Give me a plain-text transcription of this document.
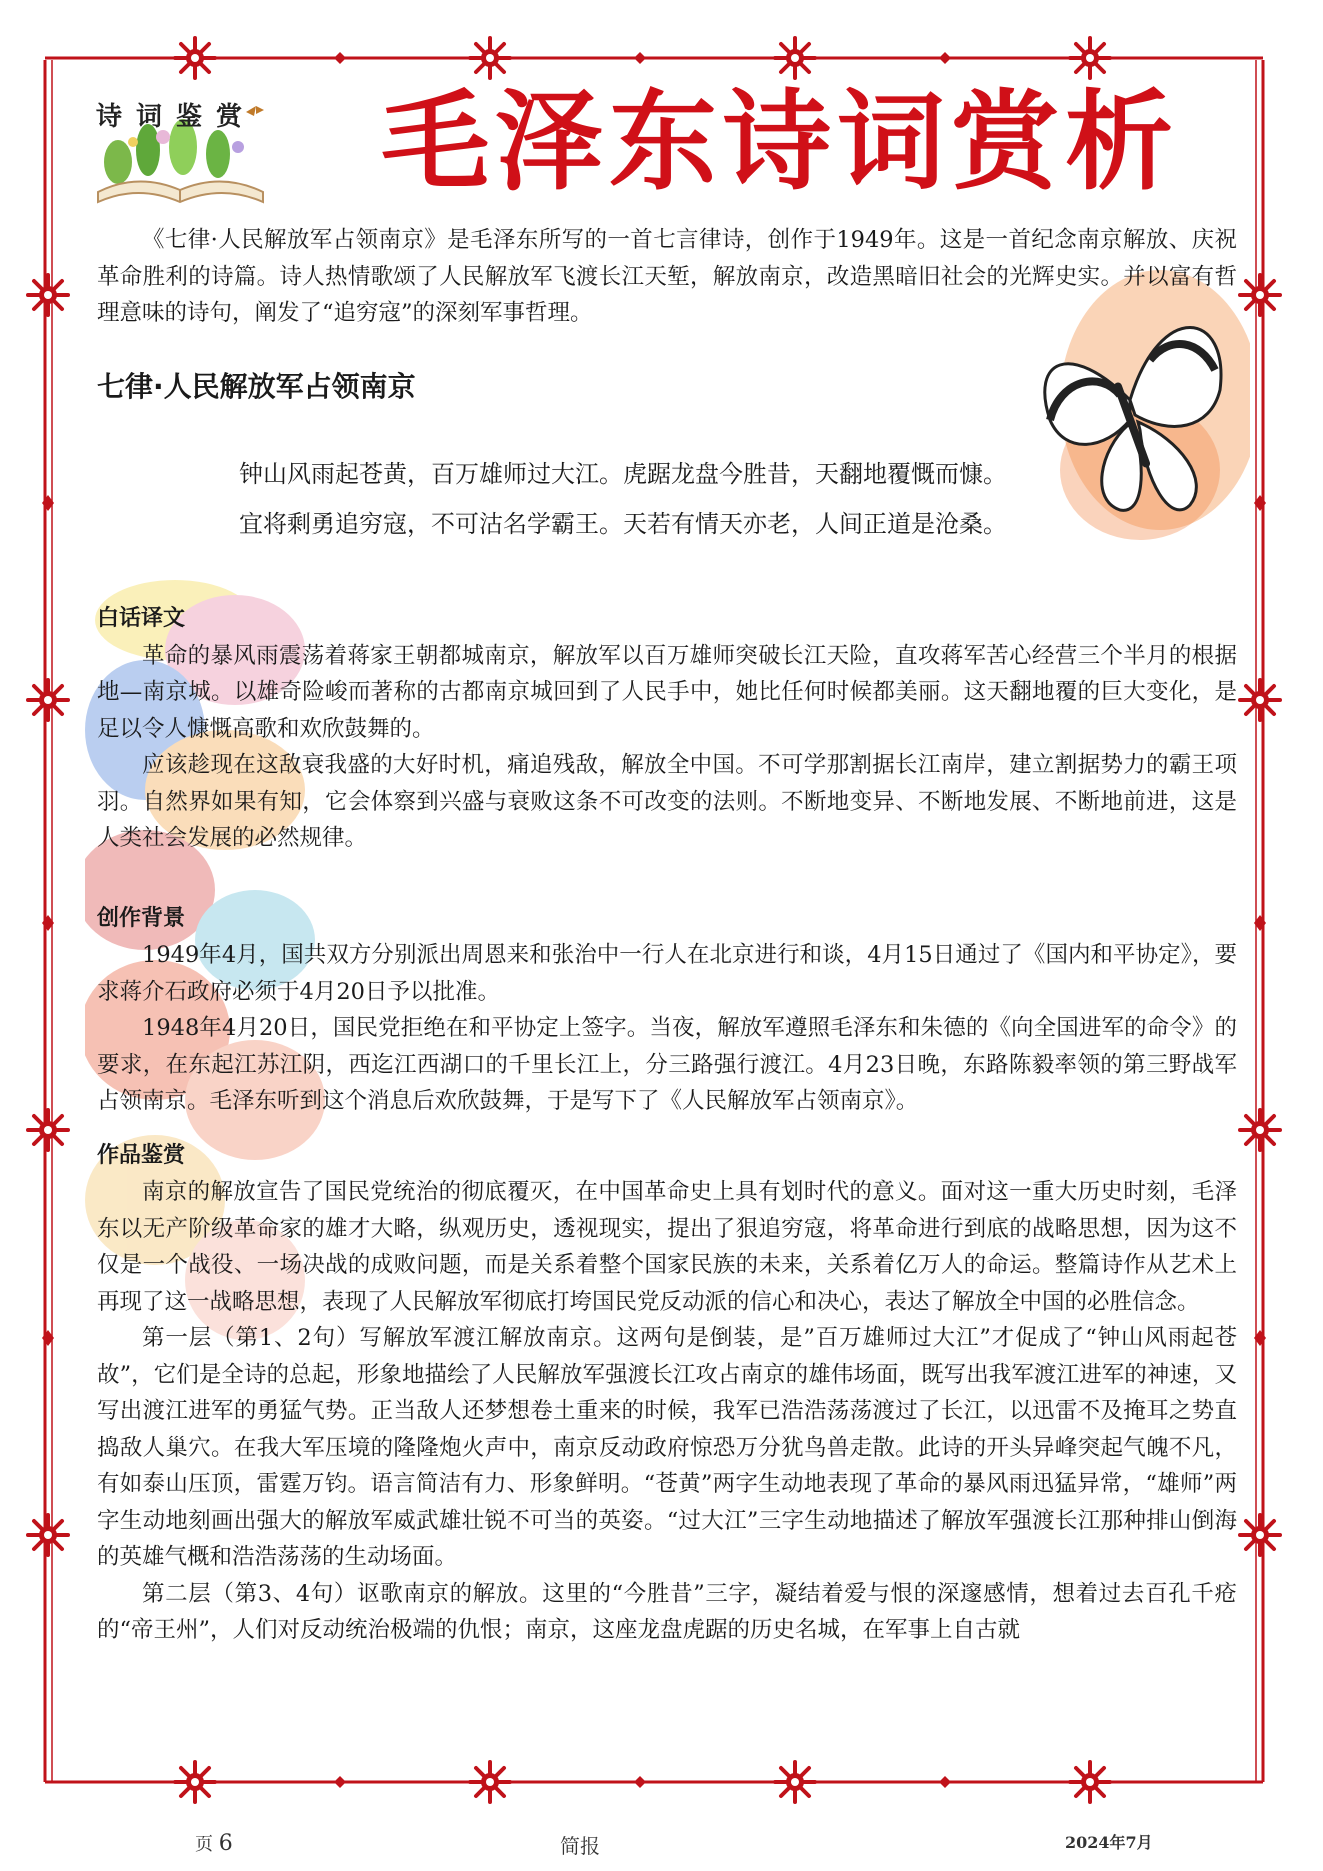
诗词鉴赏	毛泽东诗词赏析

《七律·人民解放军占领南京》是毛泽东所写的一首七言律诗，创作于1949年。这是一首纪念南京解放、庆祝革命胜利的诗篇。诗人热情歌颂了人民解放军飞渡长江天堑，解放南京，改造黑暗旧社会的光辉史实。并以富有哲理意味的诗句，阐发了“追穷寇”的深刻军事哲理。

七律·人民解放军占领南京

钟山风雨起苍黄，百万雄师过大江。虎踞龙盘今胜昔，天翻地覆慨而慷。

宜将剩勇追穷寇，不可沽名学霸王。天若有情天亦老，人间正道是沧桑。

白话译文

革命的暴风雨震荡着蒋家王朝都城南京，解放军以百万雄师突破长江天险，直攻蒋军苦心经营三个半月的根据地—南京城。以雄奇险峻而著称的古都南京城回到了人民手中，她比任何时候都美丽。这天翻地覆的巨大变化，是足以令人慷慨高歌和欢欣鼓舞的。

应该趁现在这敌衰我盛的大好时机，痛追残敌，解放全中国。不可学那割据长江南岸，建立割据势力的霸王项羽。自然界如果有知，它会体察到兴盛与衰败这条不可改变的法则。不断地变异、不断地发展、不断地前进，这是人类社会发展的必然规律。

创作背景

1949年4月，国共双方分别派出周恩来和张治中一行人在北京进行和谈，4月15日通过了《国内和平协定》，要求蒋介石政府必须于4月20日予以批准。

1948年4月20日，国民党拒绝在和平协定上签字。当夜，解放军遵照毛泽东和朱德的《向全国进军的命令》的要求，在东起江苏江阴，西迄江西湖口的千里长江上，分三路强行渡江。4月23日晚，东路陈毅率领的第三野战军占领南京。毛泽东听到这个消息后欢欣鼓舞，于是写下了《人民解放军占领南京》。

作品鉴赏

南京的解放宣告了国民党统治的彻底覆灭，在中国革命史上具有划时代的意义。面对这一重大历史时刻，毛泽东以无产阶级革命家的雄才大略，纵观历史，透视现实，提出了狠追穷寇，将革命进行到底的战略思想，因为这不仅是一个战役、一场决战的成败问题，而是关系着整个国家民族的未来，关系着亿万人的命运。整篇诗作从艺术上再现了这一战略思想，表现了人民解放军彻底打垮国民党反动派的信心和决心，表达了解放全中国的必胜信念。

第一层（第1、2句）写解放军渡江解放南京。这两句是倒装，是”百万雄师过大江”才促成了“钟山风雨起苍故”，它们是全诗的总起，形象地描绘了人民解放军强渡长江攻占南京的雄伟场面，既写出我军渡江进军的神速，又写出渡江进军的勇猛气势。正当敌人还梦想卷土重来的时候，我军已浩浩荡荡渡过了长江，以迅雷不及掩耳之势直捣敌人巢穴。在我大军压境的隆隆炮火声中，南京反动政府惊恐万分犹鸟兽走散。此诗的开头异峰突起气魄不凡，有如泰山压顶，雷霆万钧。语言简洁有力、形象鲜明。“苍黄”两字生动地表现了革命的暴风雨迅猛异常，“雄师”两字生动地刻画出强大的解放军威武雄壮锐不可当的英姿。“过大江”三字生动地描述了解放军强渡长江那种排山倒海的英雄气概和浩浩荡荡的生动场面。

第二层（第3、4句）讴歌南京的解放。这里的“今胜昔”三字，凝结着爱与恨的深邃感情，想着过去百孔千疮的“帝王州”，人们对反动统治极端的仇恨；南京，这座龙盘虎踞的历史名城，在军事上自古就

页 6	简报	2024年7月
